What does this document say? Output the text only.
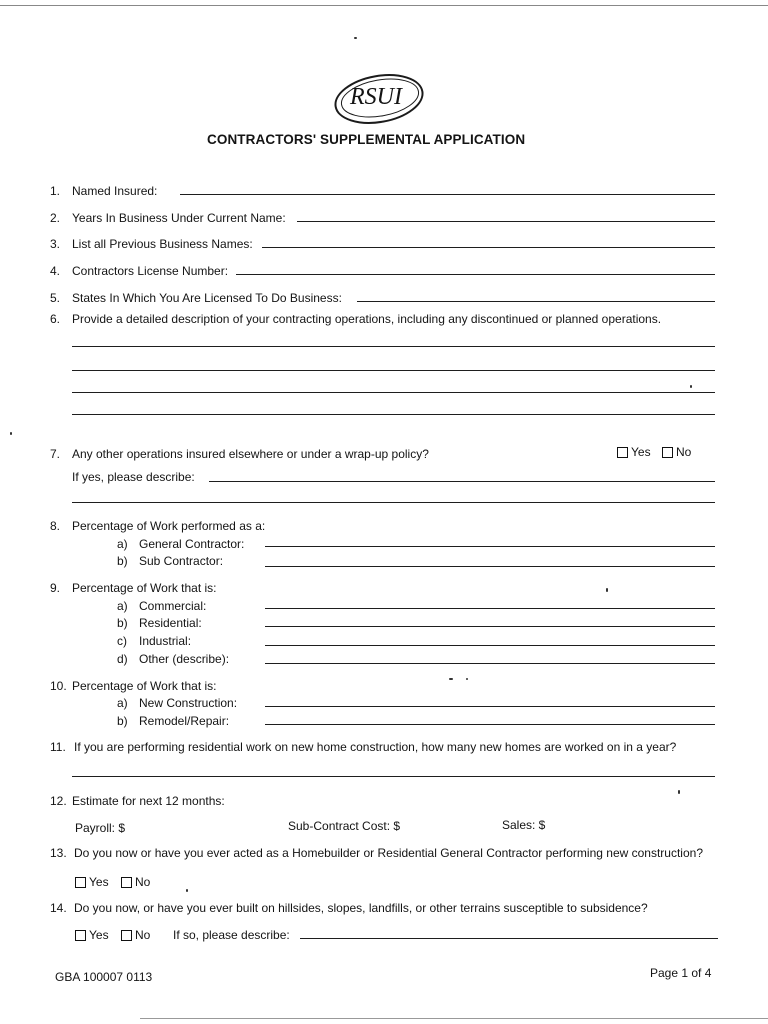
RSUI
CONTRACTORS' SUPPLEMENTAL APPLICATION
1. Named Insured:
2. Years In Business Under Current Name:
3. List all Previous Business Names:
4. Contractors License Number:
5. States In Which You Are Licensed To Do Business:
6. Provide a detailed description of your contracting operations, including any discontinued or planned operations.
7. Any other operations insured elsewhere or under a wrap-up policy?	Yes	No
If yes, please describe:
8. Percentage of Work performed as a:
a) General Contractor:
b) Sub Contractor:
9. Percentage of Work that is:
a) Commercial:
b) Residential:
c) Industrial:
d) Other (describe):
10. Percentage of Work that is:
a) New Construction:
b) Remodel/Repair:
11. If you are performing residential work on new home construction, how many new homes are worked on in a year?
12. Estimate for next 12 months:
Payroll: $	Sub-Contract Cost: $	Sales: $
13. Do you now or have you ever acted as a Homebuilder or Residential General Contractor performing new construction?
Yes	No
14. Do you now, or have you ever built on hillsides, slopes, landfills, or other terrains susceptible to subsidence?
Yes	No If so, please describe:
GBA 100007 0113	Page 1 of 4
